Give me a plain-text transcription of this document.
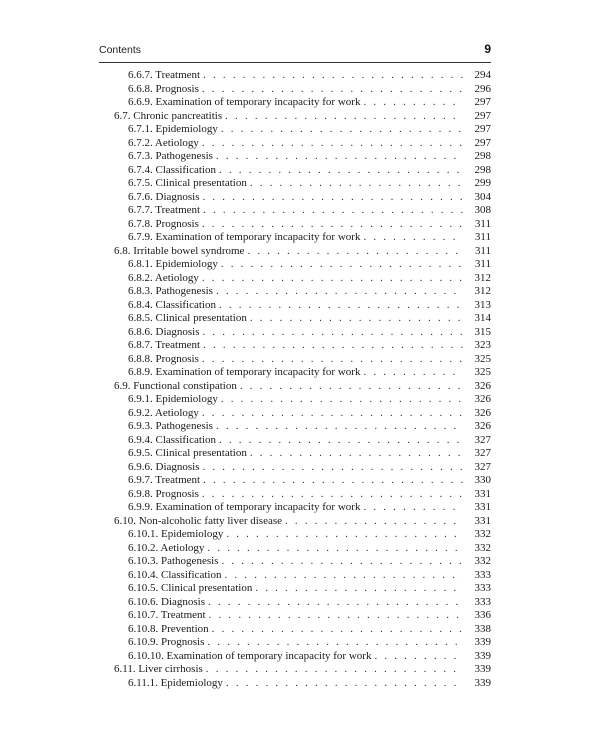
Contents	9
6.6.7. Treatment . . .	294
6.6.8. Prognosis . . .	296
6.6.9. Examination of temporary incapacity for work . . .	297
6.7. Chronic pancreatitis . . .	297
6.7.1. Epidemiology . . .	297
6.7.2. Aetiology . . .	297
6.7.3. Pathogenesis . . .	298
6.7.4. Classification . . .	298
6.7.5. Clinical presentation . . .	299
6.7.6. Diagnosis . . .	304
6.7.7. Treatment . . .	308
6.7.8. Prognosis . . .	311
6.7.9. Examination of temporary incapacity for work . . .	311
6.8. Irritable bowel syndrome . . .	311
6.8.1. Epidemiology . . .	311
6.8.2. Aetiology . . .	312
6.8.3. Pathogenesis . . .	312
6.8.4. Classification . . .	313
6.8.5. Clinical presentation . . .	314
6.8.6. Diagnosis . . .	315
6.8.7. Treatment . . .	323
6.8.8. Prognosis . . .	325
6.8.9. Examination of temporary incapacity for work . . .	325
6.9. Functional constipation . . .	326
6.9.1. Epidemiology . . .	326
6.9.2. Aetiology . . .	326
6.9.3. Pathogenesis . . .	326
6.9.4. Classification . . .	327
6.9.5. Clinical presentation . . .	327
6.9.6. Diagnosis . . .	327
6.9.7. Treatment . . .	330
6.9.8. Prognosis . . .	331
6.9.9. Examination of temporary incapacity for work . . .	331
6.10. Non-alcoholic fatty liver disease . . .	331
6.10.1. Epidemiology . . .	332
6.10.2. Aetiology . . .	332
6.10.3. Pathogenesis . . .	332
6.10.4. Classification . . .	333
6.10.5. Clinical presentation . . .	333
6.10.6. Diagnosis . . .	333
6.10.7. Treatment . . .	336
6.10.8. Prevention . . .	338
6.10.9. Prognosis . . .	339
6.10.10. Examination of temporary incapacity for work . . .	339
6.11. Liver cirrhosis . . .	339
6.11.1. Epidemiology . . .	339
